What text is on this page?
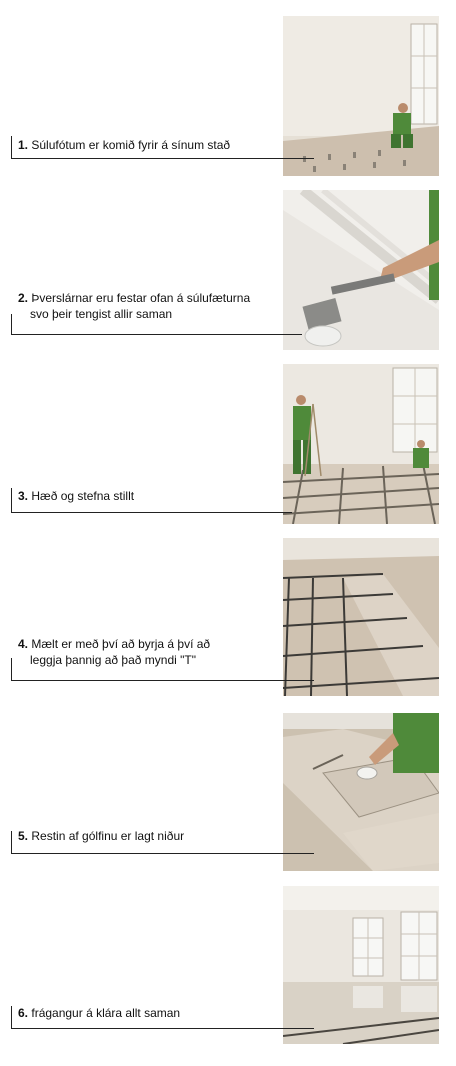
1. Súlufótum er komið fyrir á sínum stað
2. Þverslárnar eru festar ofan á súlufæturna
svo þeir tengist allir saman
3. Hæð og stefna stillt
4. Mælt er með því að byrja á því að
leggja þannig að það myndi "T"
5. Restin af gólfinu er lagt niður
6. frágangur á klára allt saman
